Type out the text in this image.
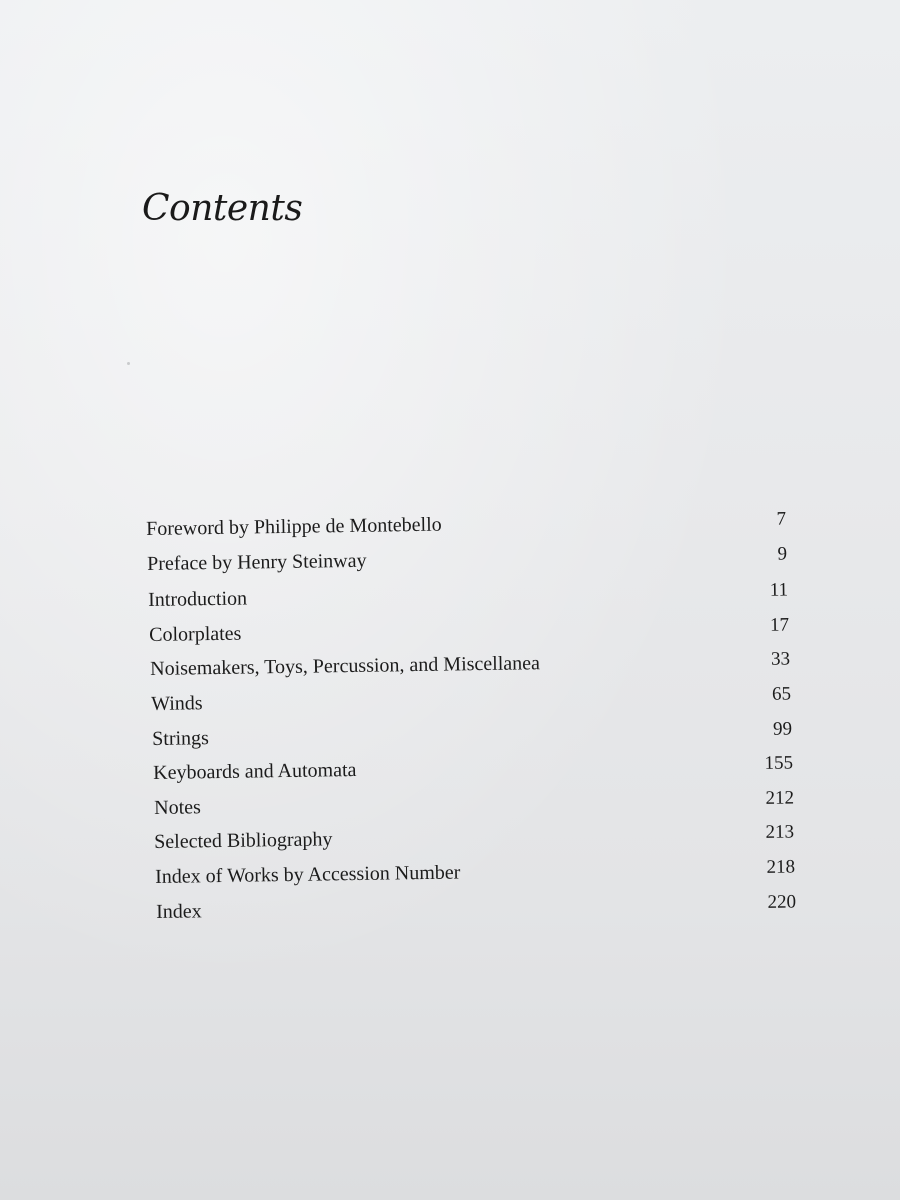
Contents
Foreword by Philippe de Montebello	7
Preface by Henry Steinway	9
Introduction	11
Colorplates	17
Noisemakers, Toys, Percussion, and Miscellanea	33
Winds	65
Strings	99
Keyboards and Automata	155
Notes	212
Selected Bibliography	213
Index of Works by Accession Number	218
Index	220
